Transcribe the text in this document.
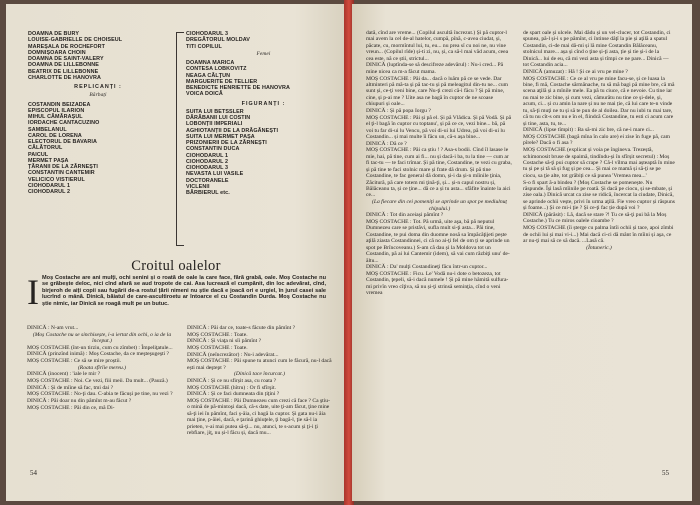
DOAMNA DE BURY
LOUISE-GABRIELLE DE CHOISEUL
MAREȘALA DE ROCHEFORT
DOMNIȘOARA CHOIN
DOAMNA DE SAINT-VALERY
DOAMNA DE LILLEBONNE
BEATRIX DE LILLEBONNE
CHARLOTTE DE HANOVRA
REPLICANȚI :
Bărbați
COSTANDIN BEIZADEA
EPISCOPUL ILARION
MIHUL CĂMĂRAȘUL
IORDACHE CANTACUZINO
SAMBELANUL
CAROL DE LORENA
ELECTORUL DE BAVARIA
CĂLĂTORUL
PAICUL
MERMET PAȘA
ȚĂRANII DE LA ZĂRNEȘTI
CONSTANTIN CANTEMIR
VELICICO VISTIERUL
CIOHODARUL 1
CIOHODARUL 2
CIOHODARUL 3
DREGĂTORUL MOLDAV
TITI COPILUL
Femei
DOAMNA MARICA
CONTESA LOBKOVITZ
NEAGA CĂLŢUN
MARGUERITE DE TELLIER
BENEDICTE HENRIETTE DE HANOVRA
VOICA DOICĂ
FIGURANȚI :
SUITA LUI BETSSLER
DĂRĂBANII LUI COSTIN
LOBONȚII IMPERIALI
AGHIOTANȚII DE LA DRĂGĂNEȘTI
SUITA LUI MERMET PAȘA
PRIZONIERII DE LA ZĂRNEȘTI
CONSTANTIN DUCA
CIOHODARUL 1
CIOHODARUL 2
CIOHODARUL 3
NEVASTA LUI VASILE
DOCTORANELE
VICLENII
BĂRBIERUL etc.
Croitul oalelor
I Moș Costache are ani mulți, ochi senini și o roată de oale la care face, fără grabă, oale. Moș Costache nu se grăbește deloc, nici cînd afară se aud tropote de cai. Asa lucrează el cumpănit, din loc adevărat, cînd, birjeroh de aiți copii sau fugării de-a rostul țării nimeni nu știe dacă e joacă ori e urgiel, în jurul casei sale lucrînd o mână. Dinică, băiatul de care-ascultiroetu ar întoarce el cu Costandin Durda. Moș Costache nu știe nimic, iar Dinică se roagă mult pe un butuc.

DINICĂ : N-am vrut...

(Moș Costache nu se sinchisește, i-a iertat din ochi, o ia de la început.)

MOȘ COSTACHE (înt-un tirziu, cum cu zîmbet) : Împeliţatule...

DINICĂ (prinzînd inimă) : Moș Costache, da ce meşteşugeşti ?

MOȘ COSTACHE : Ce să se mire proștii.

(Roata sfîrîie mereu.)

DINICĂ (inocent) : 'iale le mir ?

MOȘ COSTACHE : Noi. Ce vezi, fiii meii. Da mult... (Pauză.)

DINICĂ : Și de mîine să fac, tmi dai ?

MOȘ COSTACHE : No-ţi dau. C-abia te făcuși pe tine, nu vezi ?

DINICĂ : Păi doar nu din pămînt m-au făcut ?

MOȘ COSTACHE : Păi din ce, mă Di-

DINICĂ : Păi dar ce, toate-s făcute din pămînt ?

MOȘ COSTACHE : Toate.

DINICĂ : Și viaţa ni sîi pămînt ?

MOȘ COSTACHE : Toate.

DINICĂ (neîncrezător) : Nu-i adevărat...

MOȘ COSTACHE : Păi spune tu atunci cum le făcură, nu-l dacă ești mai deştept ?

(Dinică tace încurcat.)

DINICĂ : Și ce nu sfirșit asa, cu roata ?

MOȘ COSTACHE (hîtru) : Or fi sfîrşit.

DINICĂ : Și ce faci dumneata din țiţini ?

MOȘ COSTACHE : Păi Dumnezeu cum crezi că face ? Ca ştiu-o mină de pă-mintoşi dacă, că-s date, uite ţi-am făcut, ţine mine să-ţi iei în pămînt, faci ș-ăia, ci bagă la cuptor. Și gata nu-i ăia mai ţine, p-ăiei, dacă, e ţarină ghiuţele, ţi bagă-l, ţie să-l ia prieten, v-ai mai putea să-ţi... nu, atunci, te s-acum și ţi-i ţi rebfiare, jiţ, nu și-l făcu și, dacă mu...

54

dată, cînd are vreme... (Copilul ascultă încrezut.) Și pă cuptor-l mai avem la cel de-al hatelor, cumpă, pînă, c-avea ciudat, și, păcate, cu, mormîntul lui, tu, eu... nu prea sî cu noi ne, nu vine vreun... (Copilul rîde) și-ti zi, nu, și, ca să-l mai văd acum, ceea cea este, nă ce știi, strictul...

DINICĂ (luptînda-se să descifreze adevărul) : Nu-i cred... Pă mine nicea ca m-a făcut mama.

MOȘ COSTACHE : Păi da... dacă o luăm pă ce se vede. Dar altminteri pă mă-ta și pă tac-tu și pă meleagitul din-tu ne... cum sunt și, ce-ţi veni bine, care Nu-ţi crezi că-i făcu ? Și pă mine, cine, și p-ai me ? Uite asa ne bagă în cuptor de ne scoase chiupuri și oale...

DINICĂ : Și pă popa Iorgu ?

MOȘ COSTACHE : Păi și pă el. Și pă Vlădica. Și pă Vodă. Și pă el ţi-l bagă în cuptor cu toptanu', și pă ce ce, vezi bine... bă, pă voi tu far di-ui lu Vencu, pă voi di-ui lui Udrea, pă voi di-ui lu Costandin... și mai multe îi făcu un, că-s așa bine...

DINICĂ : Dă ce ?

MOȘ COSTACHE : Păi ca știu ! ? Asa-s bodii. Cînd îl lasase le mie, hai, pă tine, cum ai fi... nu și dacă-i ba, tu la tine — cum ar fi tac-tu — te faci trîmar. Și pă tine, Costandine, te vezi cu graba, și pă tine te faci stolnic mare și frate dă drum. Și pă tine Costandine, te fac general dă domn, și-i da și-n mîinile ţinia, Zăcitură, pă care totem mi ţină-ţi, și... și-n capul nostru și, Bălăceanu ta, și ce ţine... dă ce a și tu asta... sfăfite înainte la aici ce...

(La fiecare din cei pomeniți se aprinde un spot pe mediulnuț chipului.)

DINICĂ : Tot din aceiași pămînt ?

MOȘ COSTACHE : Tot. Pă urmă, uite aşa, bă pă neputul Dumnezeu care se pristăvi, sufla mult si-ţi asta... Păi tine, Costandine, te pui doma din duomne nosă sa împăcăţijeti pește aţilă ziasta Costandinnei, ci că no ai-ţi fel de om ți se aprinde un spot pe Brîncoveanu.) S-am că dau și la Moldova tot un Costandin, pă ai lui Cantemir (idem), să vai cum răzbiţi unu' de-ăltu...

DINICĂ : Da' mulţi Costandineţi făcu într-un cuptor...

MOȘ COSTACHE : Ficu. Le' Vodă nu-i dote o betozeza, tot Costandin, ţepeli, să-i dacă numele ! Și pă mine hămită sulfura-mi privîn vreo cîţiva, să nu și-ţi strinsă seminţia, cînd o veni vremea

de spart oale și ulcele. Mai dădu și un vel-clucer, tot Costandin, ci spunea, pă-l și-i s pe pămînt, ci întinse dăţî la pie și aţilă a spatul Costandin, ci-de mai dă-mi și lă mine Costandin Bălăceanu, stolnicul mare... așa și cînd o ţine și-ţi asta, ție și tie și-i de la Dinică... lui de eu, că mi vezi asta și tîmpi ce ne pare... Dinică — tot Costandin acia...

DINICĂ (amuzat) : Hă ! Și ce ai vru pe mine ?

MOȘ COSTACHE : Ce ce al vru pe mine facu-se, și ce luasa la bine, fi mă, Costache sărmănache, tu să mă bagi pă mine bre, că mă scena aţilă și a mînile mele. Ea pă tu ciuce, că e nevoie. Cu tine iar nu mai te zic bine, și cum vezi, cămurătu nu tine ce și-dele, și, acum, ci... și cu amin la nare și nu ne mai ție, că lui care te-n vinde tu, să-ţi muţi ne tu și să te pun de al doilea. Dar nu iubi tu mai tare, că tu nu cît-s om nu e în el, fiindcă Costandine, tu esti ci acum care și tine, asta, tu, te...

DINICĂ (lipse tîmpit) : Ba să-mi zic bre, că ne-i mare ci...

MOȘ COSTACHE (bagă mîna în calo are) ei zise în fuge pă, cam pîrele? Dacă o fi asa ?

MOȘ COSTACHE (explicat și voia pe îngineva. Trezeștă, schimonosit bruse de spaimă, tindîndu-și în sfîrșit secretul) : Moș Costache să-ţi pui cuptor să crape ? Că-l vîlma mai așteaptă în mine tu și pe și tă să și fug și pe cea... Și mai ce mamă și să-ţi se pe ciocu, sa ţie alte, tot grăbiți ce să punea 'Vremea mea...'

S-o fi spart ă-a bindea ? (Moș Costache se pomenește. Nu răspunde. Își lasă mîinile pe roată. Și dacă pe ciocu, și se-mbate, și zise oala.) Dinică urcat ca zise se ridică, încercat la ciudate, Dinică, se aprinde ochii vește, privi în urma aţilă. Fie vreo cuptor și răspuns și foame...) Și ce mi-i ţie ? Și ce-ţi fac ție după voi ?

DINICĂ (părăsit) : Lă, dacă se stare ?! Tu ce să-ţi pui bă la Moș Costache.) Tu ce miros oalele cioambe ?

MOȘ COSTACHE (îi șterge cu palma întîi ochii și tace, apoi zîmbi de ochii lui și mai vi-i...) Mai dacă ci-ci dă mânt în mîini și aşa, ce ar nu-ţi mai să ce să dacă. ...Lasă că.

(Întuneric.)

55
